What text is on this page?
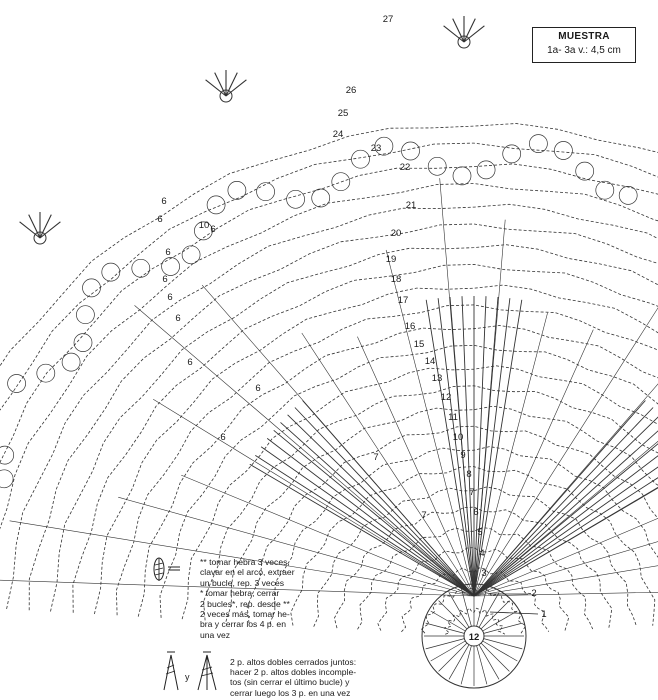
12
1
2
3
4
5
6
7
8
9
10
11
12
13
14
15
16
17
18
19
20
21
22
23
24
25
26
27
6
6
6
6
6
6
6
6
6
6
7
7
10
MUESTRA
1a- 3a v.: 4,5 cm

** tomar hebra 3 veces,

clavar en el arco, extraer

un bucle, rep. 3 veces

* tomar hebra, cerrar

2 bucles*, rep. desde **

2 veces más, tomar he-

bra y cerrar los 4 p. en

una vez

y

2 p. altos dobles cerrados juntos:

hacer 2 p. altos dobles incomple-

tos (sin cerrar el último bucle) y

cerrar luego los 3 p. en una vez
